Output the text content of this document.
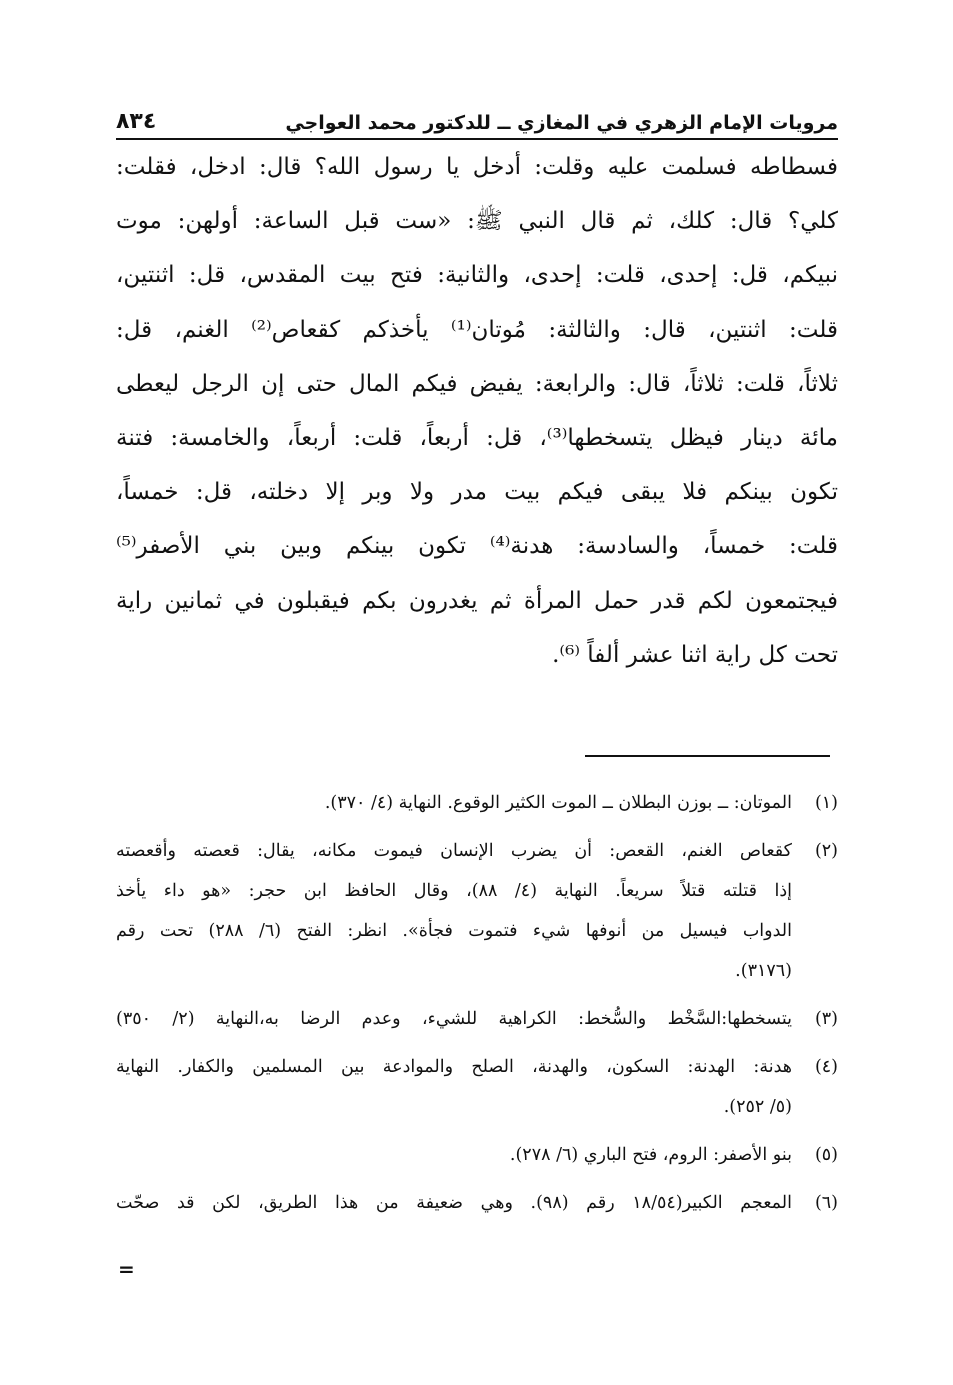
مرويات الإمام الزهري في المغازي ــ للدكتور محمد العواجي
٨٣٤
فسطاطه فسلمت عليه وقلت: أدخل يا رسول الله؟ قال: ادخل، فقلت:
كلي؟ قال: كلك، ثم قال النبي ﷺ: «ست قبل الساعة: أولهن: موت
نبيكم، قل: إحدى، قلت: إحدى، والثانية: فتح بيت المقدس، قل: اثنتين،
قلت: اثنتين، قال: والثالثة: مُوتان⁽¹⁾ يأخذكم كقعاص⁽²⁾ الغنم، قل:
ثلاثاً، قلت: ثلاثاً، قال: والرابعة: يفيض فيكم المال حتى إن الرجل ليعطى
مائة دينار فيظل يتسخطها⁽³⁾، قل: أربعاً، قلت: أربعاً، والخامسة: فتنة
تكون بينكم فلا يبقى فيكم بيت مدر ولا وبر إلا دخلته، قل: خمساً،
قلت: خمساً، والسادسة: هدنة⁽⁴⁾ تكون بينكم وبين بني الأصفر⁽⁵⁾
فيجتمعون لكم قدر حمل المرأة ثم يغدرون بكم فيقبلون في ثمانين راية
تحت كل راية اثنا عشر ألفاً ⁽⁶⁾.
(١)
الموتان: ــ بوزن البطلان ــ الموت الكثير الوقوع. النهاية (٤/ ٣٧٠).
(٢)
كقعاص الغنم، القعص: أن يضرب الإنسان فيموت مكانه، يقال: قعصته وأقعصته
إذا قتلته قتلاً سريعاً. النهاية (٤/ ٨٨)، وقال الحافظ ابن حجر: «هو داء يأخذ
الدواب فيسيل من أنوفها شيء فتموت فجأة». انظر: الفتح (٦/ ٢٨٨) تحت رقم
(٣١٧٦).
(٣)
يتسخطها:السَّخْط والسُّخط: الكراهية للشيء، وعدم الرضا به،النهاية (٢/ ٣٥٠)
(٤)
هدنة: الهدنة: السكون، والهدنة، الصلح والموادعة بين المسلمين والكفار. النهاية
(٥/ ٢٥٢).
(٥)
بنو الأصفر: الروم، فتح الباري (٦/ ٢٧٨).
(٦)
المعجم الكبير(١٨/٥٤ رقم (٩٨). وهي ضعيفة من هذا الطريق، لكن قد صحّت
=
